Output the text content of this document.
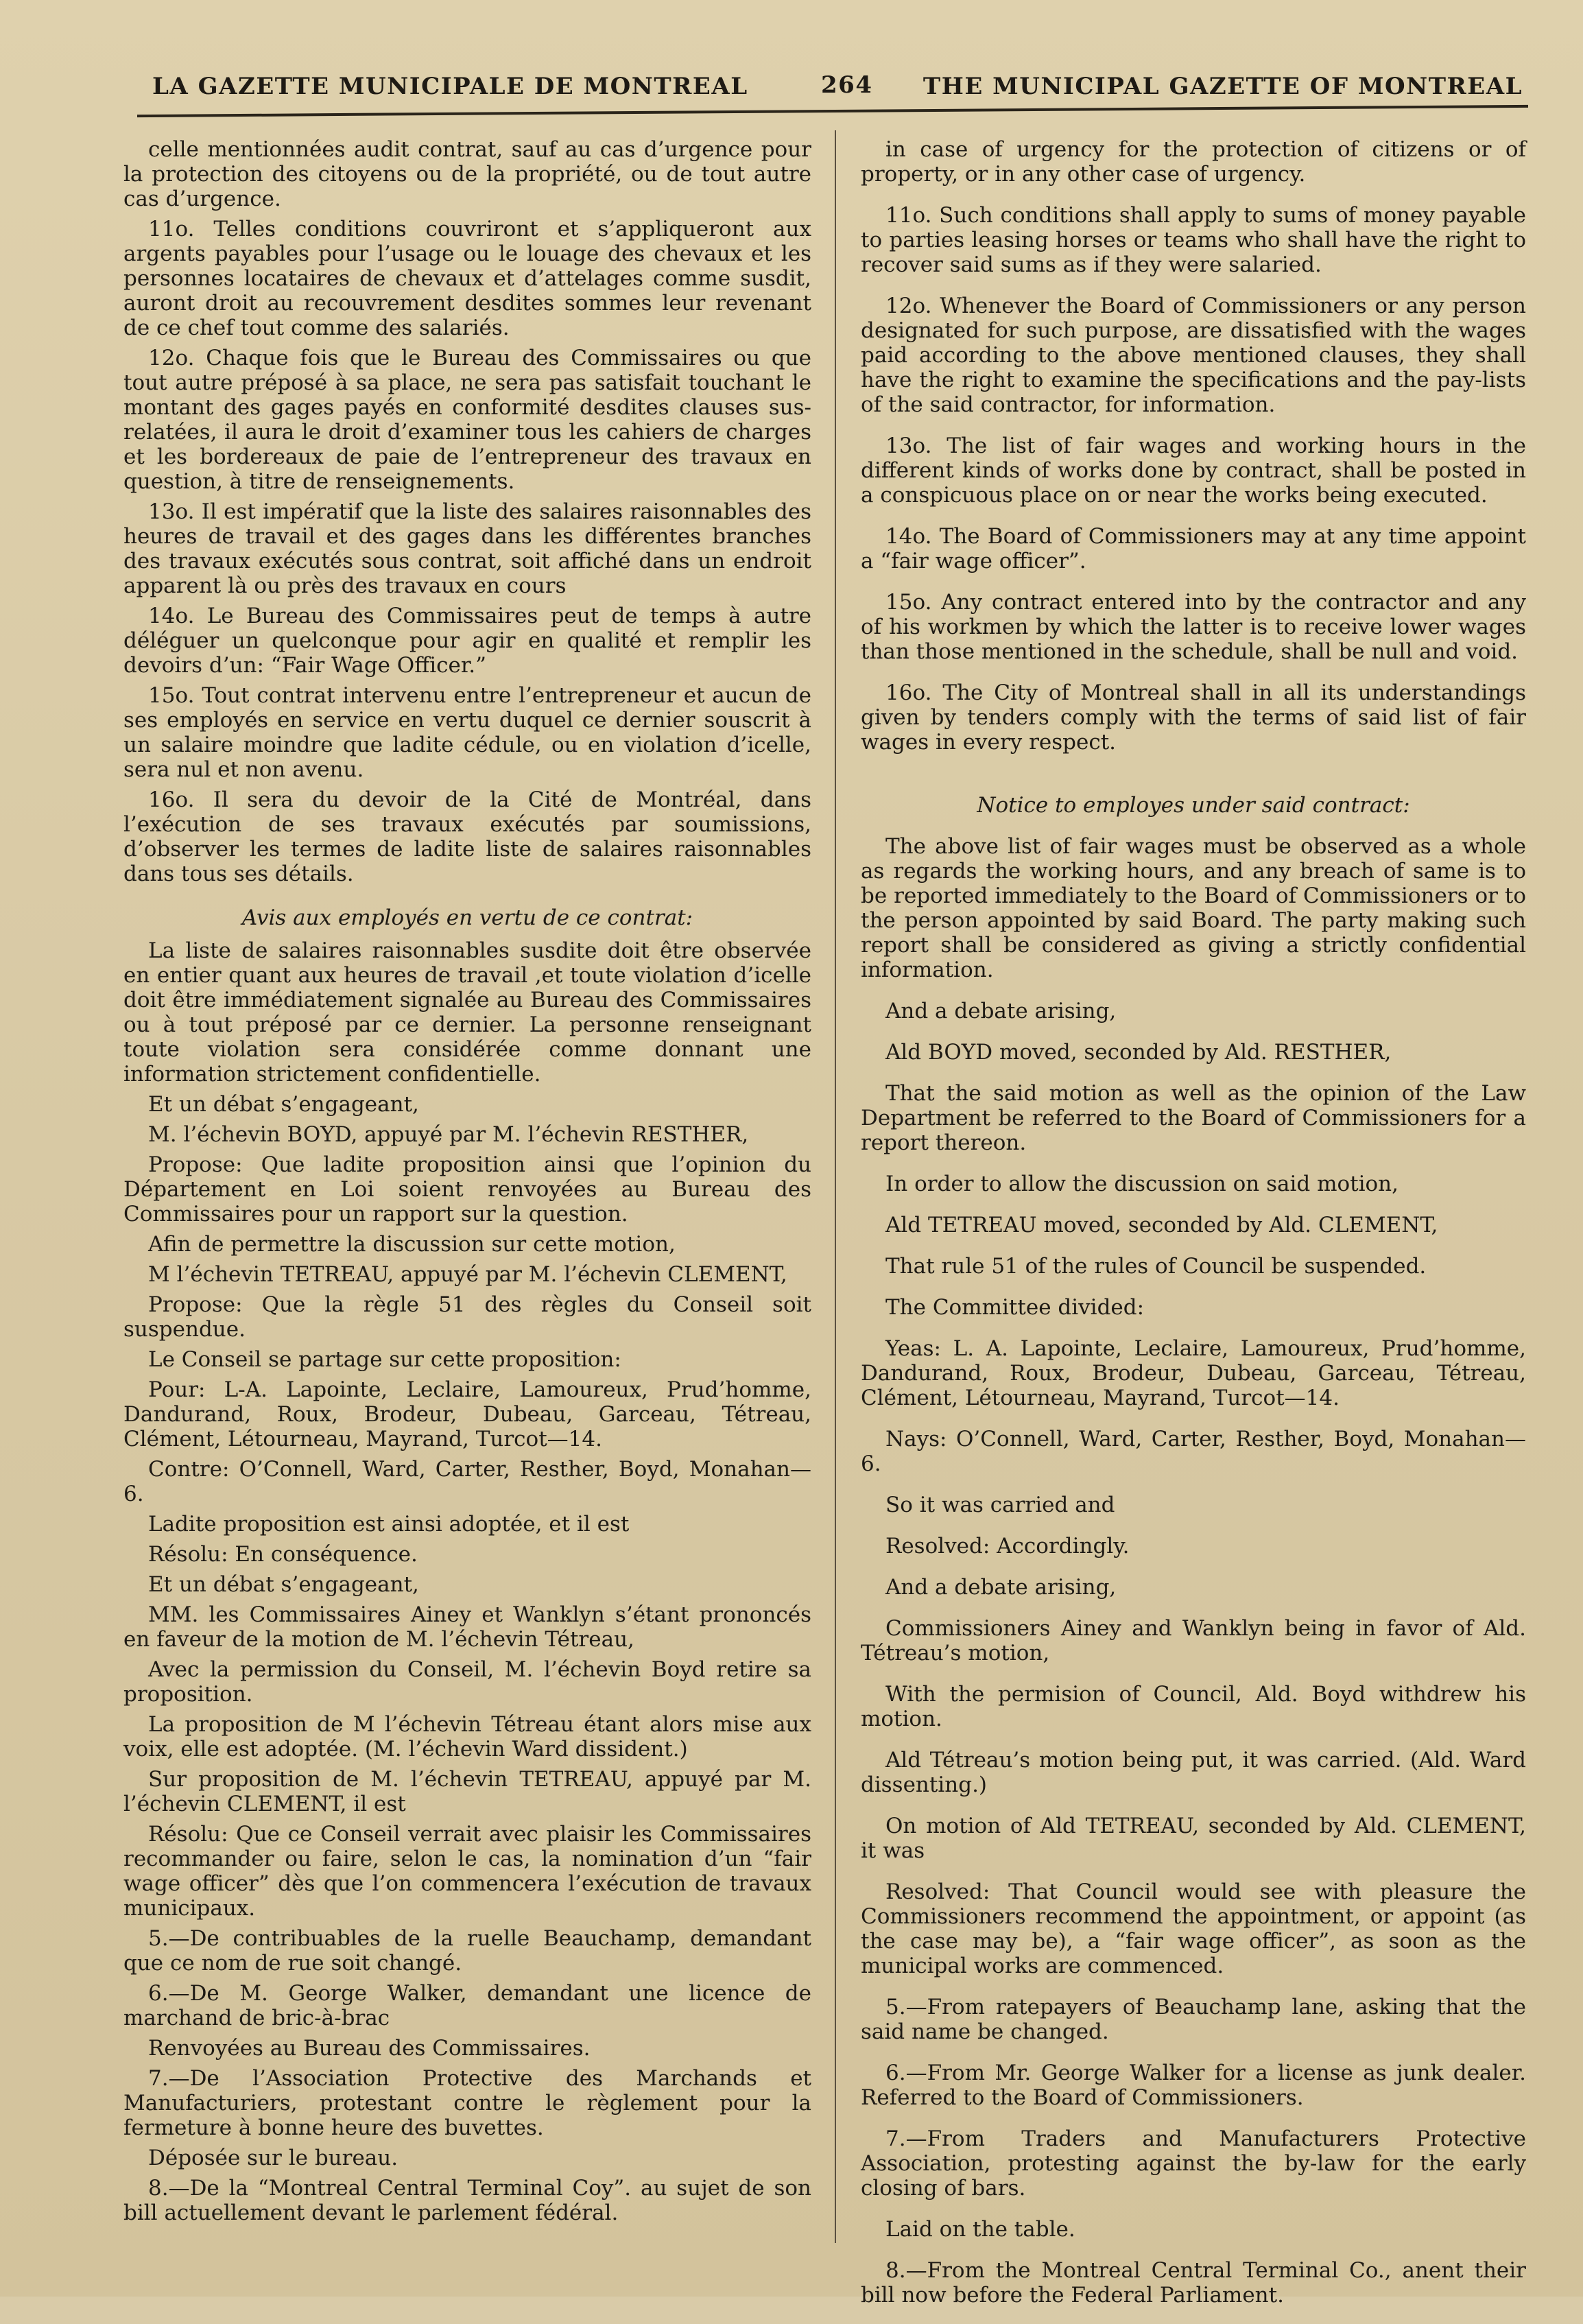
LA GAZETTE MUNICIPALE DE MONTREAL	264 THE MUNICIPAL GAZETTE OF MONTREAL

celle mentionnées audit contrat, sauf au cas d’urgence pour la protection des citoyens ou de la propriété, ou de tout autre cas d’urgence.

11o. Telles conditions couvriront et s’appliqueront aux argents payables pour l’usage ou le louage des chevaux et les personnes locataires de chevaux et d’attelages comme susdit, auront droit au recouvrement desdites sommes leur revenant de ce chef tout comme des salariés.

12o. Chaque fois que le Bureau des Commissaires ou que tout autre préposé à sa place, ne sera pas satisfait touchant le montant des gages payés en conformité desdites clauses sus-relatées, il aura le droit d’examiner tous les cahiers de charges et les bordereaux de paie de l’entrepreneur des travaux en question, à titre de renseignements.

13o. Il est impératif que la liste des salaires raisonnables des heures de travail et des gages dans les différentes branches des travaux exécutés sous contrat, soit affiché dans un endroit apparent là ou près des travaux en cours

14o. Le Bureau des Commissaires peut de temps à autre déléguer un quelconque pour agir en qualité et remplir les devoirs d’un: “Fair Wage Officer.”

15o. Tout contrat intervenu entre l’entrepreneur et aucun de ses employés en service en vertu duquel ce dernier souscrit à un salaire moindre que ladite cédule, ou en violation d’icelle, sera nul et non avenu.

16o. Il sera du devoir de la Cité de Montréal, dans l’exécution de ses travaux exécutés par soumissions, d’observer les termes de ladite liste de salaires raisonnables dans tous ses détails.

Avis aux employés en vertu de ce contrat:

La liste de salaires raisonnables susdite doit être observée en entier quant aux heures de travail ,et toute violation d’icelle doit être immédiatement signalée au Bureau des Commissaires ou à tout préposé par ce dernier. La personne renseignant toute violation sera considérée comme donnant une information strictement confidentielle.

Et un débat s’engageant,

M. l’échevin BOYD, appuyé par M. l’échevin RESTHER,

Propose: Que ladite proposition ainsi que l’opinion du Département en Loi soient renvoyées au Bureau des Commissaires pour un rapport sur la question.

Afin de permettre la discussion sur cette motion,

M l’échevin TETREAU, appuyé par M. l’échevin CLEMENT,

Propose: Que la règle 51 des règles du Conseil soit suspendue.

Le Conseil se partage sur cette proposition:

Pour: L-A. Lapointe, Leclaire, Lamoureux, Prud’homme, Dandurand, Roux, Brodeur, Dubeau, Garceau, Tétreau, Clément, Létourneau, Mayrand, Turcot—14.

Contre: O’Connell, Ward, Carter, Resther, Boyd, Monahan—6.

Ladite proposition est ainsi adoptée, et il est

Résolu: En conséquence.

Et un débat s’engageant,

MM. les Commissaires Ainey et Wanklyn s’étant prononcés en faveur de la motion de M. l’échevin Tétreau,

Avec la permission du Conseil, M. l’échevin Boyd retire sa proposition.

La proposition de M l’échevin Tétreau étant alors mise aux voix, elle est adoptée. (M. l’échevin Ward dissident.)

Sur proposition de M. l’échevin TETREAU, appuyé par M. l’échevin CLEMENT, il est

Résolu: Que ce Conseil verrait avec plaisir les Commissaires recommander ou faire, selon le cas, la nomination d’un “fair wage officer” dès que l’on commencera l’exécution de travaux municipaux.

5.—De contribuables de la ruelle Beauchamp, demandant que ce nom de rue soit changé.

6.—De M. George Walker, demandant une licence de marchand de bric-à-brac

Renvoyées au Bureau des Commissaires.

7.—De l’Association Protective des Marchands et Manufacturiers, protestant contre le règlement pour la fermeture à bonne heure des buvettes.

Déposée sur le bureau.

8.—De la “Montreal Central Terminal Coy”. au sujet de son bill actuellement devant le parlement fédéral.

in case of urgency for the protection of citizens or of property, or in any other case of urgency.

11o. Such conditions shall apply to sums of money payable to parties leasing horses or teams who shall have the right to recover said sums as if they were salaried.

12o. Whenever the Board of Commissioners or any person designated for such purpose, are dissatisfied with the wages paid according to the above mentioned clauses, they shall have the right to examine the specifications and the pay-lists of the said contractor, for information.

13o. The list of fair wages and working hours in the different kinds of works done by contract, shall be posted in a conspicuous place on or near the works being executed.

14o. The Board of Commissioners may at any time appoint a “fair wage officer”.

15o. Any contract entered into by the contractor and any of his workmen by which the latter is to receive lower wages than those mentioned in the schedule, shall be null and void.

16o. The City of Montreal shall in all its understandings given by tenders comply with the terms of said list of fair wages in every respect.

Notice to employes under said contract:

The above list of fair wages must be observed as a whole as regards the working hours, and any breach of same is to be reported immediately to the Board of Commissioners or to the person appointed by said Board. The party making such report shall be considered as giving a strictly confidential information.

And a debate arising,

Ald BOYD moved, seconded by Ald. RESTHER,

That the said motion as well as the opinion of the Law Department be referred to the Board of Commissioners for a report thereon.

In order to allow the discussion on said motion,

Ald TETREAU moved, seconded by Ald. CLEMENT,

That rule 51 of the rules of Council be suspended.

The Committee divided:

Yeas: L. A. Lapointe, Leclaire, Lamoureux, Prud’homme, Dandurand, Roux, Brodeur, Dubeau, Garceau, Tétreau, Clément, Létourneau, Mayrand, Turcot—14.

Nays: O’Connell, Ward, Carter, Resther, Boyd, Monahan—6.

So it was carried and

Resolved: Accordingly.

And a debate arising,

Commissioners Ainey and Wanklyn being in favor of Ald. Tétreau’s motion,

With the permision of Council, Ald. Boyd withdrew his motion.

Ald Tétreau’s motion being put, it was carried. (Ald. Ward dissenting.)

On motion of Ald TETREAU, seconded by Ald. CLEMENT, it was

Resolved: That Council would see with pleasure the Commissioners recommend the appointment, or appoint (as the case may be), a “fair wage officer”, as soon as the municipal works are commenced.

5.—From ratepayers of Beauchamp lane, asking that the said name be changed.

6.—From Mr. George Walker for a license as junk dealer. Referred to the Board of Commissioners.

7.—From Traders and Manufacturers Protective Association, protesting against the by-law for the early closing of bars.

Laid on the table.

8.—From the Montreal Central Terminal Co., anent their bill now before the Federal Parliament.
